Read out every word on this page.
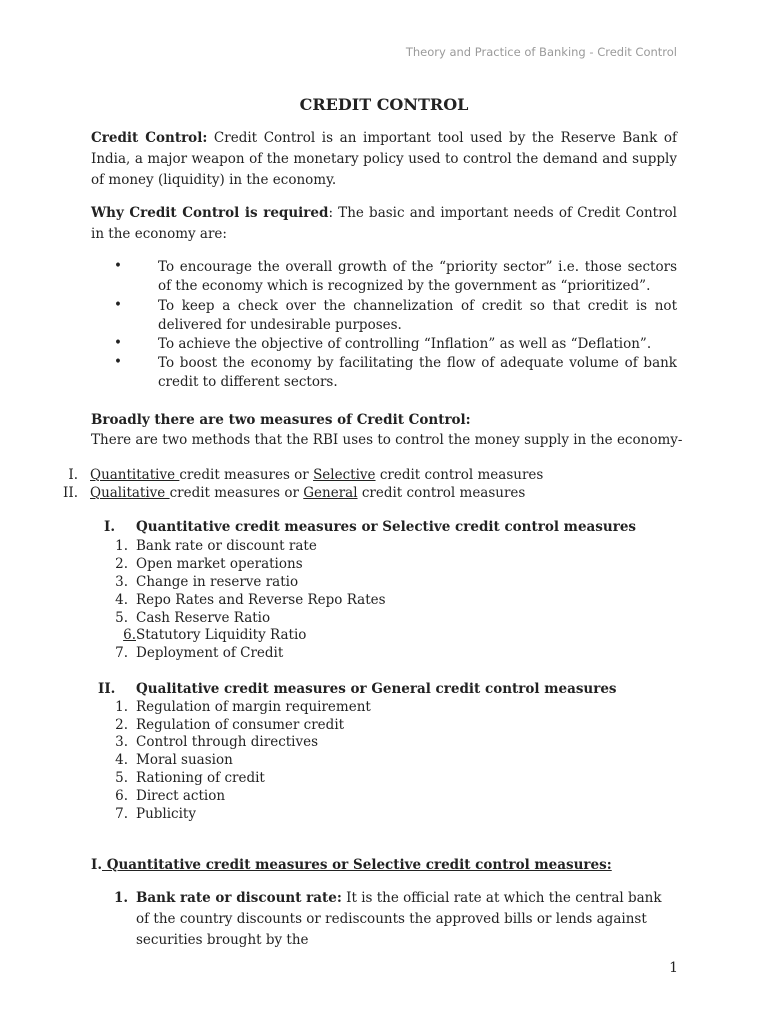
Theory and Practice of Banking - Credit Control
CREDIT CONTROL
Credit Control: Credit Control is an important tool used by the Reserve Bank of India, a major weapon of the monetary policy used to control the demand and supply of money (liquidity) in the economy.
Why Credit Control is required: The basic and important needs of Credit Control in the economy are:
•	To encourage the overall growth of the “priority sector” i.e. those sectors of the economy which is recognized by the government as “prioritized”.
•	To keep a check over the channelization of credit so that credit is not delivered for undesirable purposes.
•	To achieve the objective of controlling “Inflation” as well as “Deflation”.
•	To boost the economy by facilitating the flow of adequate volume of bank credit to different sectors.
Broadly there are two measures of Credit Control:
There are two methods that the RBI uses to control the money supply in the economy-
I. Quantitative credit measures or Selective credit control measures
II. Qualitative credit measures or General credit control measures
I. Quantitative credit measures or Selective credit control measures
1. Bank rate or discount rate
2. Open market operations
3. Change in reserve ratio
4. Repo Rates and Reverse Repo Rates
5. Cash Reserve Ratio
6. Statutory Liquidity Ratio
7. Deployment of Credit
II. Qualitative credit measures or General credit control measures
1. Regulation of margin requirement
2. Regulation of consumer credit
3. Control through directives
4. Moral suasion
5. Rationing of credit
6. Direct action
7. Publicity
I. Quantitative credit measures or Selective credit control measures:
1. Bank rate or discount rate: It is the official rate at which the central bank of the country discounts or rediscounts the approved bills or lends against securities brought by the
1
